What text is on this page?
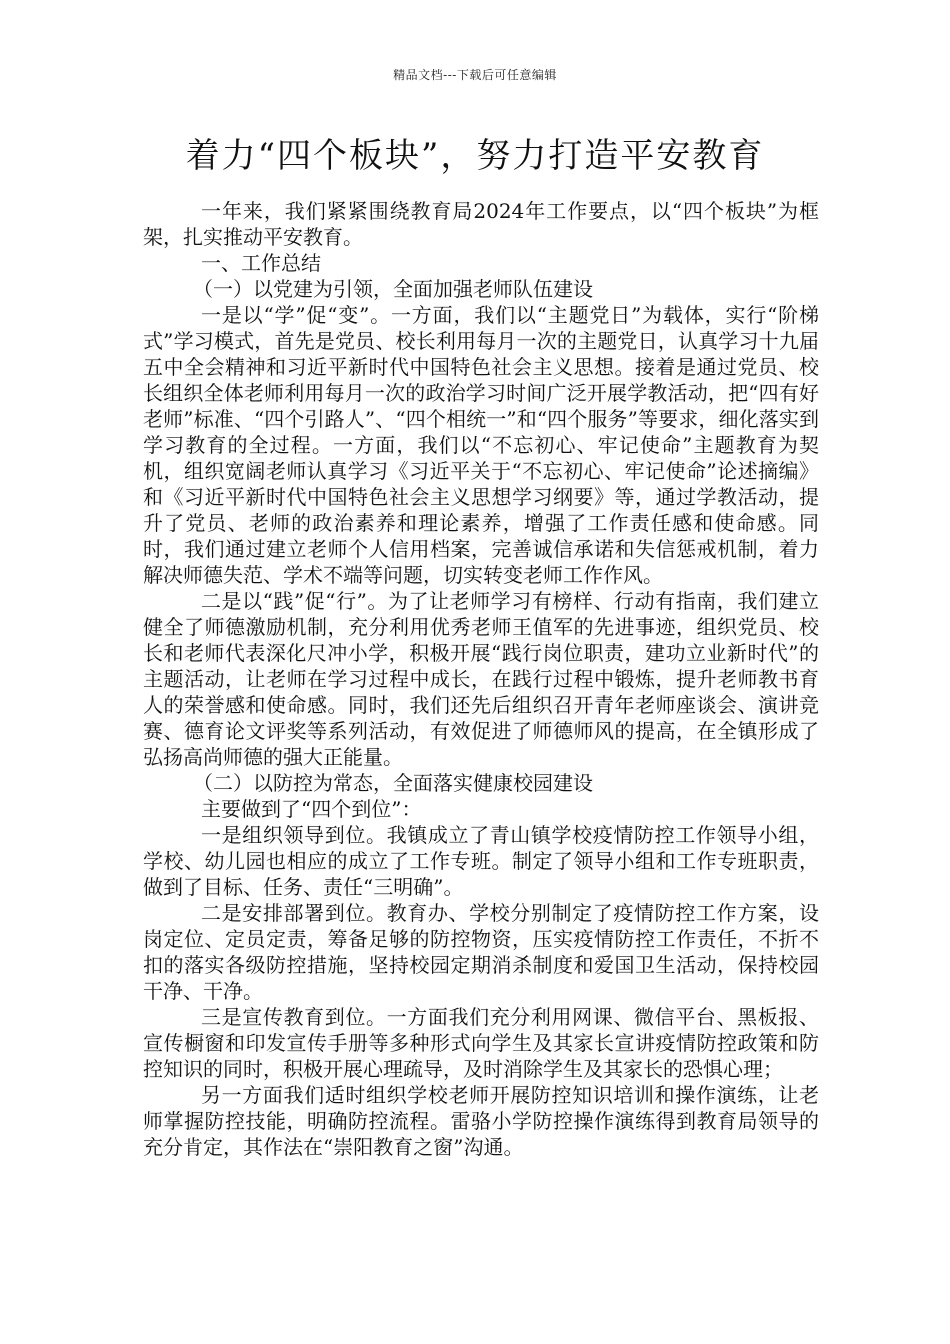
精品文档---下载后可任意编辑
着力“四个板块”，努力打造平安教育

一年来，我们紧紧围绕教育局2024年工作要点，以“四个板块”为框架，扎实推动平安教育。

一、工作总结

（一）以党建为引领，全面加强老师队伍建设

一是以“学”促“变”。一方面，我们以“主题党日”为载体，实行“阶梯式”学习模式，首先是党员、校长利用每月一次的主题党日，认真学习十九届五中全会精神和习近平新时代中国特色社会主义思想。接着是通过党员、校长组织全体老师利用每月一次的政治学习时间广泛开展学教活动，把“四有好老师”标准、“四个引路人”、“四个相统一”和“四个服务”等要求，细化落实到学习教育的全过程。一方面，我们以“不忘初心、牢记使命”主题教育为契机，组织宽阔老师认真学习《习近平关于“不忘初心、牢记使命”论述摘编》和《习近平新时代中国特色社会主义思想学习纲要》等，通过学教活动，提升了党员、老师的政治素养和理论素养，增强了工作责任感和使命感。同时，我们通过建立老师个人信用档案，完善诚信承诺和失信惩戒机制，着力解决师德失范、学术不端等问题，切实转变老师工作作风。

二是以“践”促“行”。为了让老师学习有榜样、行动有指南，我们建立健全了师德激励机制，充分利用优秀老师王值军的先进事迹，组织党员、校长和老师代表深化尺冲小学，积极开展“践行岗位职责，建功立业新时代”的主题活动，让老师在学习过程中成长，在践行过程中锻炼，提升老师教书育人的荣誉感和使命感。同时，我们还先后组织召开青年老师座谈会、演讲竞赛、德育论文评奖等系列活动，有效促进了师德师风的提高，在全镇形成了弘扬高尚师德的强大正能量。

（二）以防控为常态，全面落实健康校园建设

主要做到了“四个到位”：

一是组织领导到位。我镇成立了青山镇学校疫情防控工作领导小组，学校、幼儿园也相应的成立了工作专班。制定了领导小组和工作专班职责，做到了目标、任务、责任“三明确”。

二是安排部署到位。教育办、学校分别制定了疫情防控工作方案，设岗定位、定员定责，筹备足够的防控物资，压实疫情防控工作责任，不折不扣的落实各级防控措施，坚持校园定期消杀制度和爱国卫生活动，保持校园干净、干净。

三是宣传教育到位。一方面我们充分利用网课、微信平台、黑板报、宣传橱窗和印发宣传手册等多种形式向学生及其家长宣讲疫情防控政策和防控知识的同时，积极开展心理疏导，及时消除学生及其家长的恐惧心理；

另一方面我们适时组织学校老师开展防控知识培训和操作演练，让老师掌握防控技能，明确防控流程。雷骆小学防控操作演练得到教育局领导的充分肯定，其作法在“崇阳教育之窗”沟通。
